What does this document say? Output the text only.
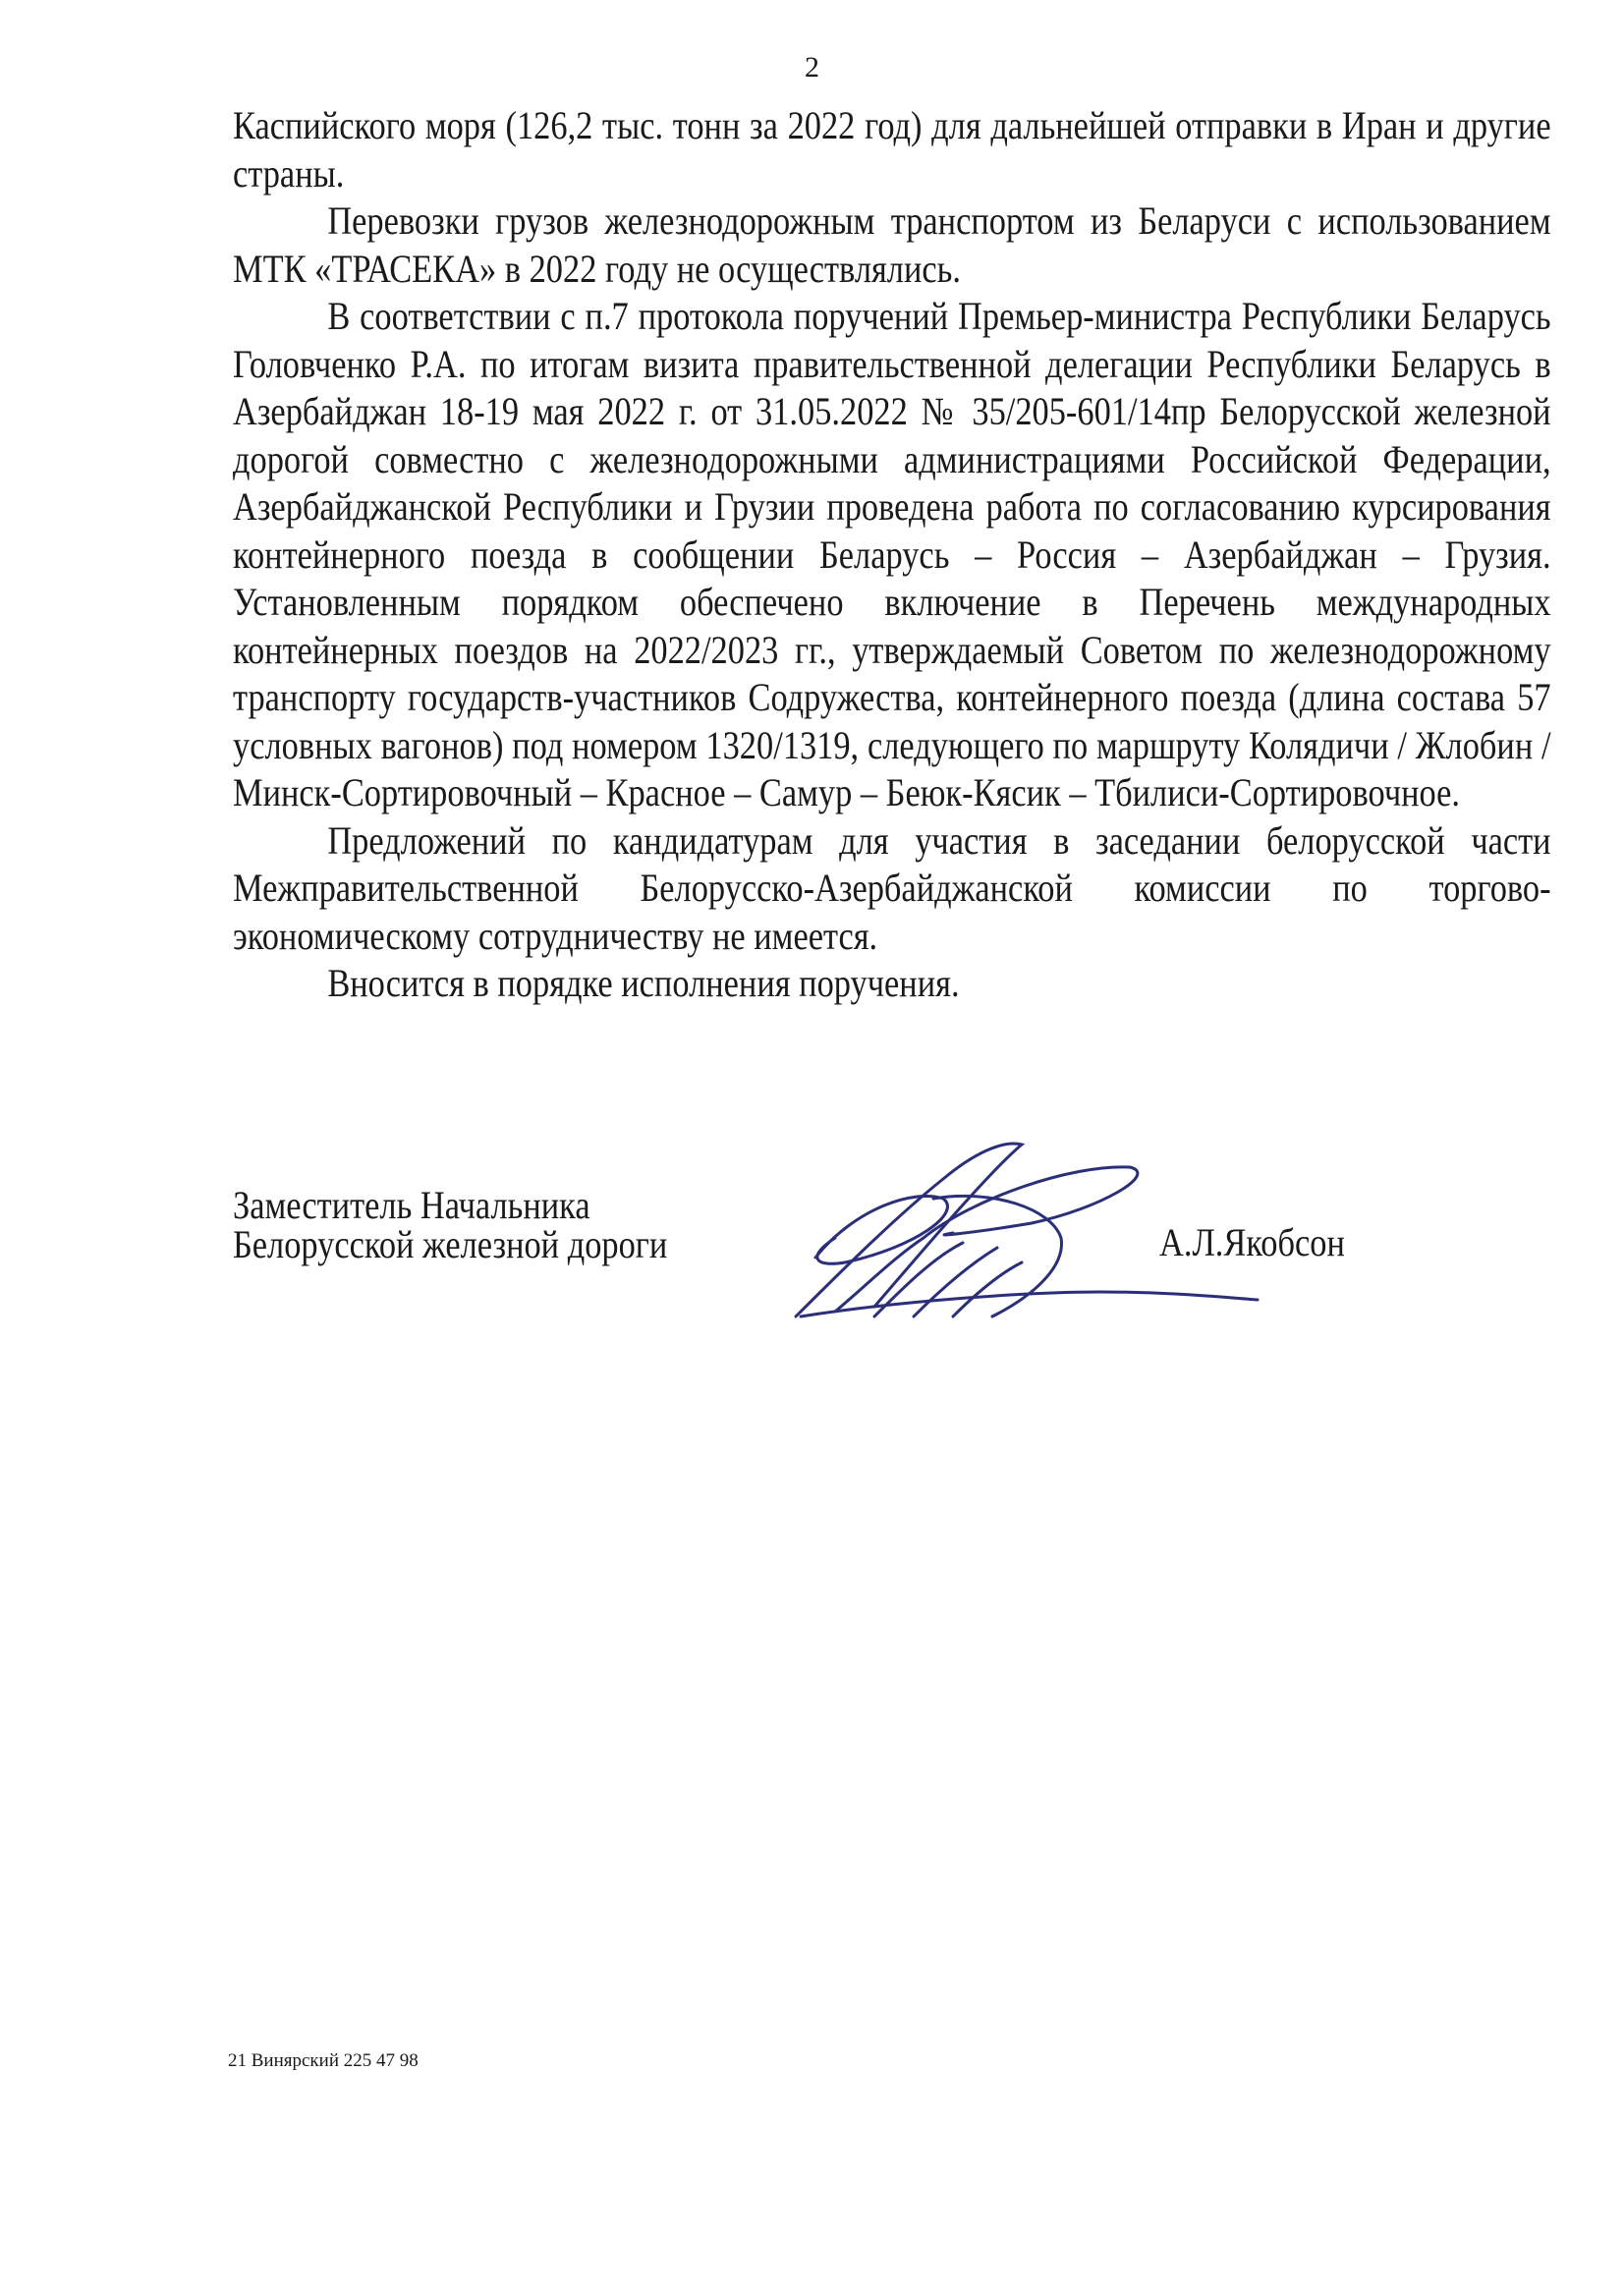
2

Каспийского моря (126,2 тыс. тонн за 2022 год) для дальнейшей отправки в Иран и другие страны.

Перевозки грузов железнодорожным транспортом из Беларуси с использованием МТК «ТРАСЕКА» в 2022 году не осуществлялись.

В соответствии с п.7 протокола поручений Премьер-министра Республики Беларусь Головченко Р.А. по итогам визита правительственной делегации Республики Беларусь в Азербайджан 18-19 мая 2022 г. от 31.05.2022 № 35/205-601/14пр Белорусской железной дорогой совместно с железнодорожными администрациями Российской Федерации, Азербайджанской Республики и Грузии проведена работа по согласованию курсирования контейнерного поезда в сообщении Беларусь – Россия – Азербайджан – Грузия. Установленным порядком обеспечено включение в Перечень международных контейнерных поездов на 2022/2023 гг., утверждаемый Советом по железнодорожному транспорту государств-участников Содружества, контейнерного поезда (длина состава 57 условных вагонов) под номером 1320/1319, следующего по маршруту Колядичи / Жлобин / Минск-Сортировочный – Красное – Самур – Беюк-Кясик – Тбилиси-Сортировочное.

Предложений по кандидатурам для участия в заседании белорусской части Межправительственной Белорусско-Азербайджанской комиссии по торгово-экономическому сотрудничеству не имеется.

Вносится в порядке исполнения поручения.

Заместитель Начальника
Белорусской железной дороги	А.Л.Якобсон
21 Винярский 225 47 98
